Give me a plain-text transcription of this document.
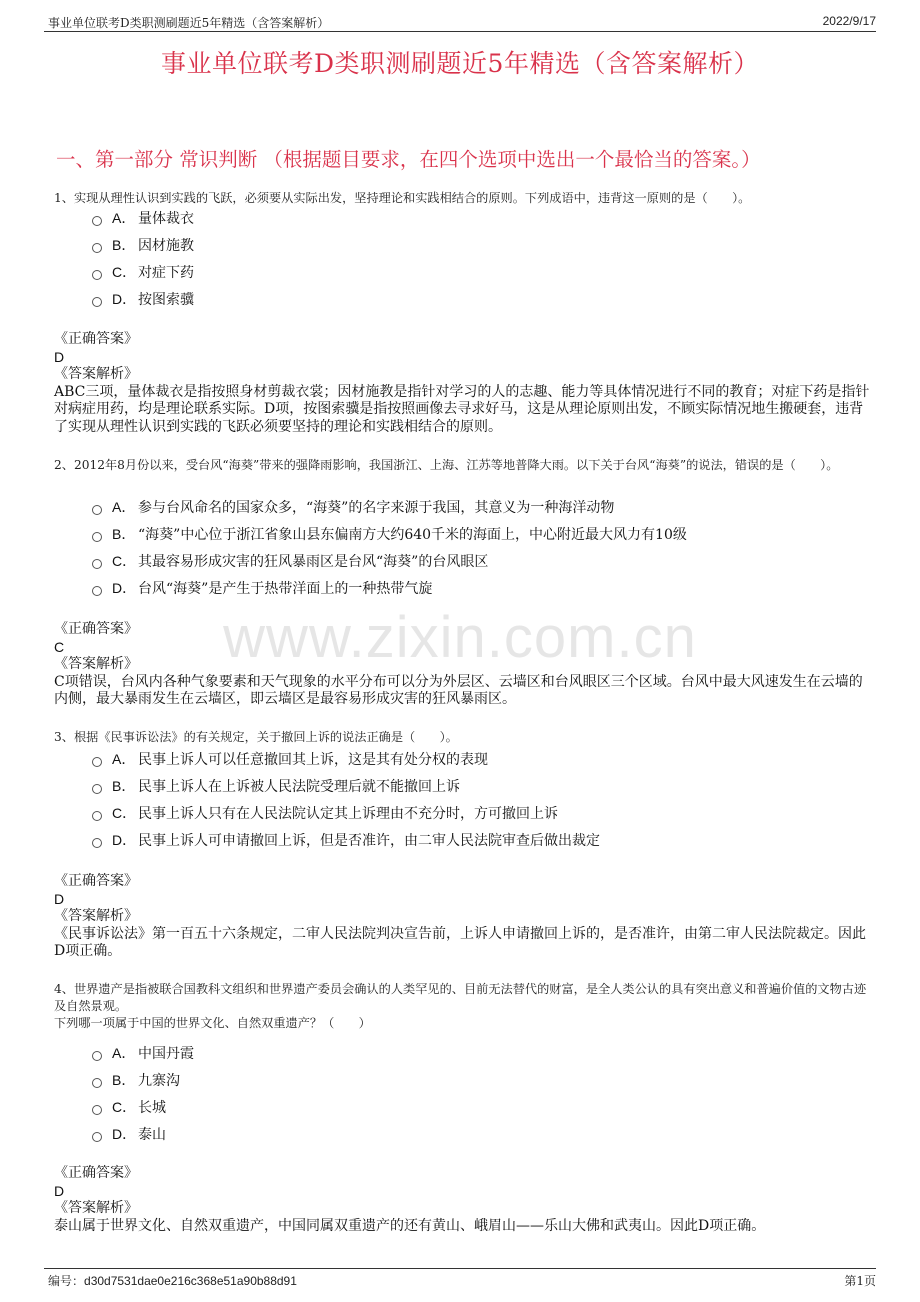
事业单位联考D类职测刷题近5年精选（含答案解析）	2022/9/17
事业单位联考D类职测刷题近5年精选（含答案解析）
一、第一部分 常识判断 （根据题目要求，在四个选项中选出一个最恰当的答案。）
www.zixin.com.cn
1、实现从理性认识到实践的飞跃，必须要从实际出发，坚持理论和实践相结合的原则。下列成语中，违背这一原则的是（　　）。
A． 量体裁衣
B． 因材施教
C． 对症下药
D． 按图索骥
《正确答案》
D
《答案解析》
ABC三项，量体裁衣是指按照身材剪裁衣裳；因材施教是指针对学习的人的志趣、能力等具体情况进行不同的教育；对症下药是指针对病症用药，均是理论联系实际。D项，按图索骥是指按照画像去寻求好马，这是从理论原则出发，不顾实际情况地生搬硬套，违背了实现从理性认识到实践的飞跃必须要坚持的理论和实践相结合的原则。
2、2012年8月份以来，受台风“海葵”带来的强降雨影响，我国浙江、上海、江苏等地普降大雨。以下关于台风“海葵”的说法，错误的是（　　）。
A． 参与台风命名的国家众多，“海葵”的名字来源于我国，其意义为一种海洋动物
B． “海葵”中心位于浙江省象山县东偏南方大约640千米的海面上，中心附近最大风力有10级
C． 其最容易形成灾害的狂风暴雨区是台风“海葵”的台风眼区
D． 台风“海葵”是产生于热带洋面上的一种热带气旋
《正确答案》
C
《答案解析》
C项错误，台风内各种气象要素和天气现象的水平分布可以分为外层区、云墙区和台风眼区三个区域。台风中最大风速发生在云墙的内侧，最大暴雨发生在云墙区，即云墙区是最容易形成灾害的狂风暴雨区。
3、根据《民事诉讼法》的有关规定，关于撤回上诉的说法正确是（　　）。
A． 民事上诉人可以任意撤回其上诉，这是其有处分权的表现
B． 民事上诉人在上诉被人民法院受理后就不能撤回上诉
C． 民事上诉人只有在人民法院认定其上诉理由不充分时，方可撤回上诉
D． 民事上诉人可申请撤回上诉，但是否准许，由二审人民法院审查后做出裁定
《正确答案》
D
《答案解析》
《民事诉讼法》第一百五十六条规定，二审人民法院判决宣告前，上诉人申请撤回上诉的，是否准许，由第二审人民法院裁定。因此D项正确。
4、世界遗产是指被联合国教科文组织和世界遗产委员会确认的人类罕见的、目前无法替代的财富，是全人类公认的具有突出意义和普遍价值的文物古迹及自然景观。
下列哪一项属于中国的世界文化、自然双重遗产？（　　）
A． 中国丹霞
B． 九寨沟
C． 长城
D． 泰山
《正确答案》
D
《答案解析》
泰山属于世界文化、自然双重遗产，中国同属双重遗产的还有黄山、峨眉山——乐山大佛和武夷山。因此D项正确。
编号：d30d7531dae0e216c368e51a90b88d91	第1页
